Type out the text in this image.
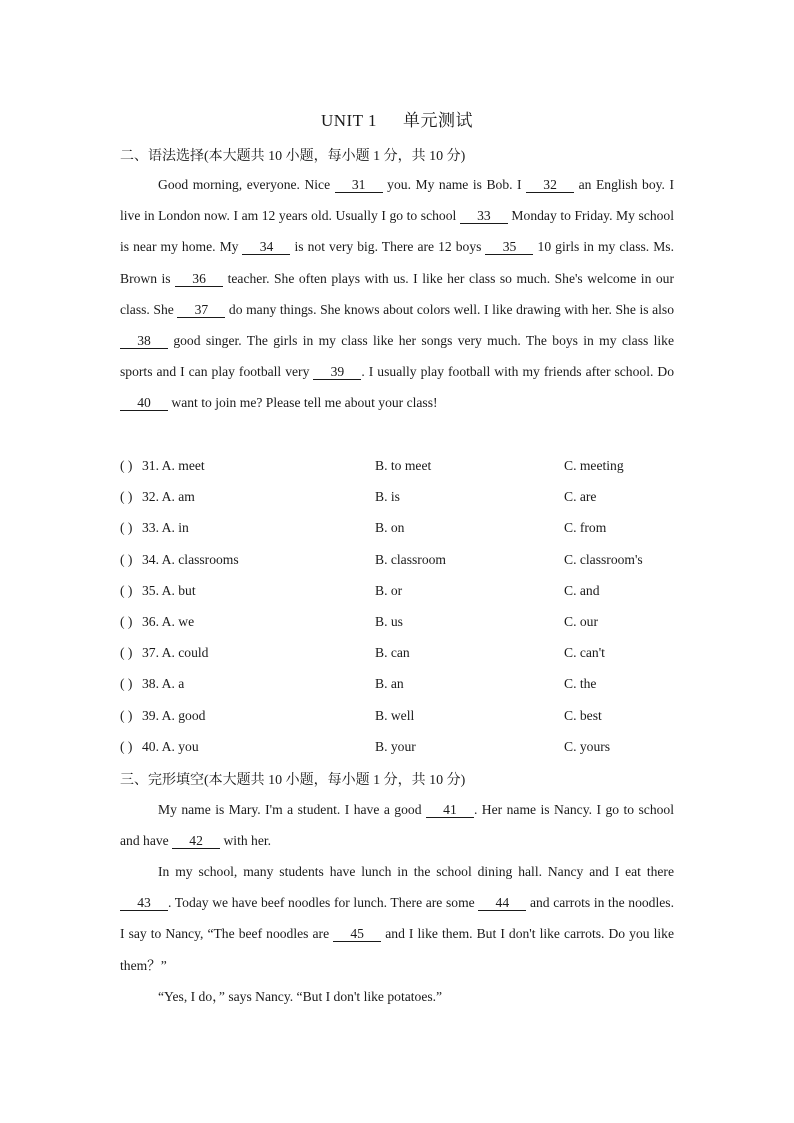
UNIT 1 单元测试
二、语法选择(本大题共 10 小题，每小题 1 分，共 10 分)
Good morning, everyone. Nice 31 you. My name is Bob. I 32 an English boy. I live in London now. I am 12 years old. Usually I go to school 33 Monday to Friday. My school is near my home. My 34 is not very big. There are 12 boys 35 10 girls in my class. Ms. Brown is 36 teacher. She often plays with us. I like her class so much. She's welcome in our class. She 37 do many things. She knows about colors well. I like drawing with her. She is also 38 good singer. The girls in my class like her songs very much. The boys in my class like sports and I can play football very 39 . I usually play football with my friends after school. Do 40 want to join me? Please tell me about your class!
( ) 31. A. meet	B. to meet	C. meeting
( ) 32. A. am	B. is	C. are
( ) 33. A. in	B. on	C. from
( ) 34. A. classrooms	B. classroom	C. classroom's
( ) 35. A. but	B. or	C. and
( ) 36. A. we	B. us	C. our
( ) 37. A. could	B. can	C. can't
( ) 38. A. a	B. an	C. the
( ) 39. A. good	B. well	C. best
( ) 40. A. you	B. your	C. yours
三、完形填空(本大题共 10 小题，每小题 1 分，共 10 分)
My name is Mary. I'm a student. I have a good 41 . Her name is Nancy. I go to school and have 42 with her.
In my school, many students have lunch in the school dining hall. Nancy and I eat there 43 . Today we have beef noodles for lunch. There are some 44 and carrots in the noodles. I say to Nancy, “The beef noodles are 45 and I like them. But I don't like carrots. Do you like them？”
“Yes, I do，” says Nancy. “But I don't like potatoes.”
